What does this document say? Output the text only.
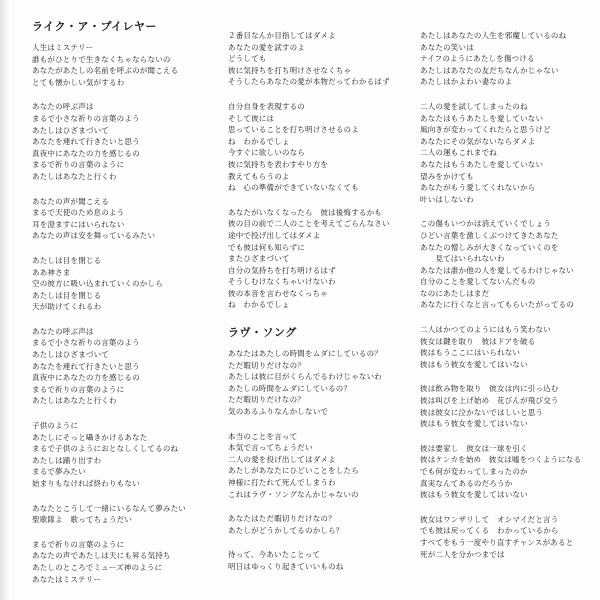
ライク・ア・プイレヤー
人生はミステリー
誰もがひとりで生きなくちゃならないの
あなたがあたしの名前を呼ぶのが聞こえる
とても懐かしい気がするわ
あなたの呼ぶ声は
まるで小さな祈りの言葉のよう
あたしはひざまづいて
あなたを連れて行きたいと思う
真夜中にあなたの力を感じるの
まるで祈りの言葉のように
あたしはあなたと行くわ
あなたの声が聞こえる
まるで天使のため息のよう
耳を澄ますにはいられない
あなたの声は安を舞っているみたい
あたしは目を閉じる
ああ神さま
空の彼方に吸い込まれていくのかしら
あたしは目を閉じる
天が助けてくれるわ
あなたの呼ぶ声は
まるで小さな祈りの言葉のよう
あたしはひざまづいて
あなたを連れて行きたいと思う
真夜中にあなたの力を感じるの
まるで祈りの言葉のように
あたしはあなたと行くわ
子供のように
あたしにそっと囁きかけるあなた
まるで子供のようにおとなしくしてるのね
あたしは踊り出すわ
まるで夢みたい
始まりもなければ終わりもない
あなたとこうして一緒にいるなんて夢みたい
聖歌隊よ　歌ってちょうだい
まるで祈りの言葉のように
あなたの声であたしは天にも昇る気持ち
あたしのところでミューズ神のように
あなたはミステリー
２番目なんか目指してはダメよ
あなたの愛を試すのよ
どうしても
彼に気持ちを打ち明けさせなくちゃ
そうしたらあなたの愛が本物だってわかるはず
自分自身を表現するの
そして彼には
思っていることを打ち明けさせるのよ
ね　わかるでしょ
今すぐに欲しいのなら
彼に気持ちを表わすやり方を
教えてもらうのよ
ね　心の準備ができていないなくても
あなたがいなくなったら　彼は後悔するかも
彼の目の前で二人のことを考えてごらんなさい
途中で投げ出してはダメよ
でも彼は何も知らずに
またひざまづいて
自分の気持ちを打ち明けるはず
そうしむけなくちゃいけないわ
彼の本音を言わせなくっちゃ
ね　わかるでしょ
ラヴ・ソング
あなたはあたしの時間をムダにしているの？
ただ暇切りだけなの？
あたしは彼に目がくらんでるわけじゃないわ
あたしの時間をムダにしているの？
ただ暇切りだけなの？
気のあるふりなんかしないで
本当のことを言って
本気で言ってちょうだい
二人の愛を投げ出してはダメよ
あたしがあなたにひどいことをしたら
神様に打たれて死んでしまうわ
これはラヴ・ソングなんかじゃないの
あなたはただ暇切りだけなの？
あたしがどうかしてるのかしら？
待って、今あいたことって
明日はゆっくり起きていいものね
あたしはあなたの人生を邪魔しているのね
あなたの笑いは
ナイフのようにあたしを傷つける
あたしはあなたの友だちなんかじゃない
あたしはかよわい妻なのよ
二人の愛を試してしまったのね
あなたはもうあたしを愛していない
風向きが変わってくれたらと思うけど
あなたにその気がないならダメよ
二人の運もこれまでね
あなたはもうあたしを愛していない
望みをかけても
あなたがもう愛してくれないから
叶いはしないわ
この傷もいつかは消えていくでしょう
ひどい言葉を激しくぶつけてきたあなた
あなたの憎しみが大きくなっていくのを
　　見てはいられないわ
あなたは誰か他の人を愛してるわけじゃない
自分のことを愛してないんだもの
なのにあたしはまだ
あなたに行くなと言ってもらいたがってるの
二人はかつてのようにはもう笑わない
彼女は鍵を取り　彼はドアを破る
彼はもうここにはいられない
彼はもう彼女を愛してはいない
彼は飲み物を取り　彼女は内に引っ込む
彼は叫びを上げ始め　花びんが飛び交う
彼は彼女に泣かないではしいと思う
彼はもう彼女を愛してはいない
彼は要家し　彼女は一球を引く
彼はケンカを始め　彼女は嘘をつくようになる
でも何が変わってしまったのか
真実なんてあるのだろうか
彼はもう彼女を愛してはいない
彼女はワンザリして　オシマイだと言う
でも彼は戻ってくる　わかっているから
すべてをもう一度やり直すチャンスがあると
死が二人を分かつまでは
